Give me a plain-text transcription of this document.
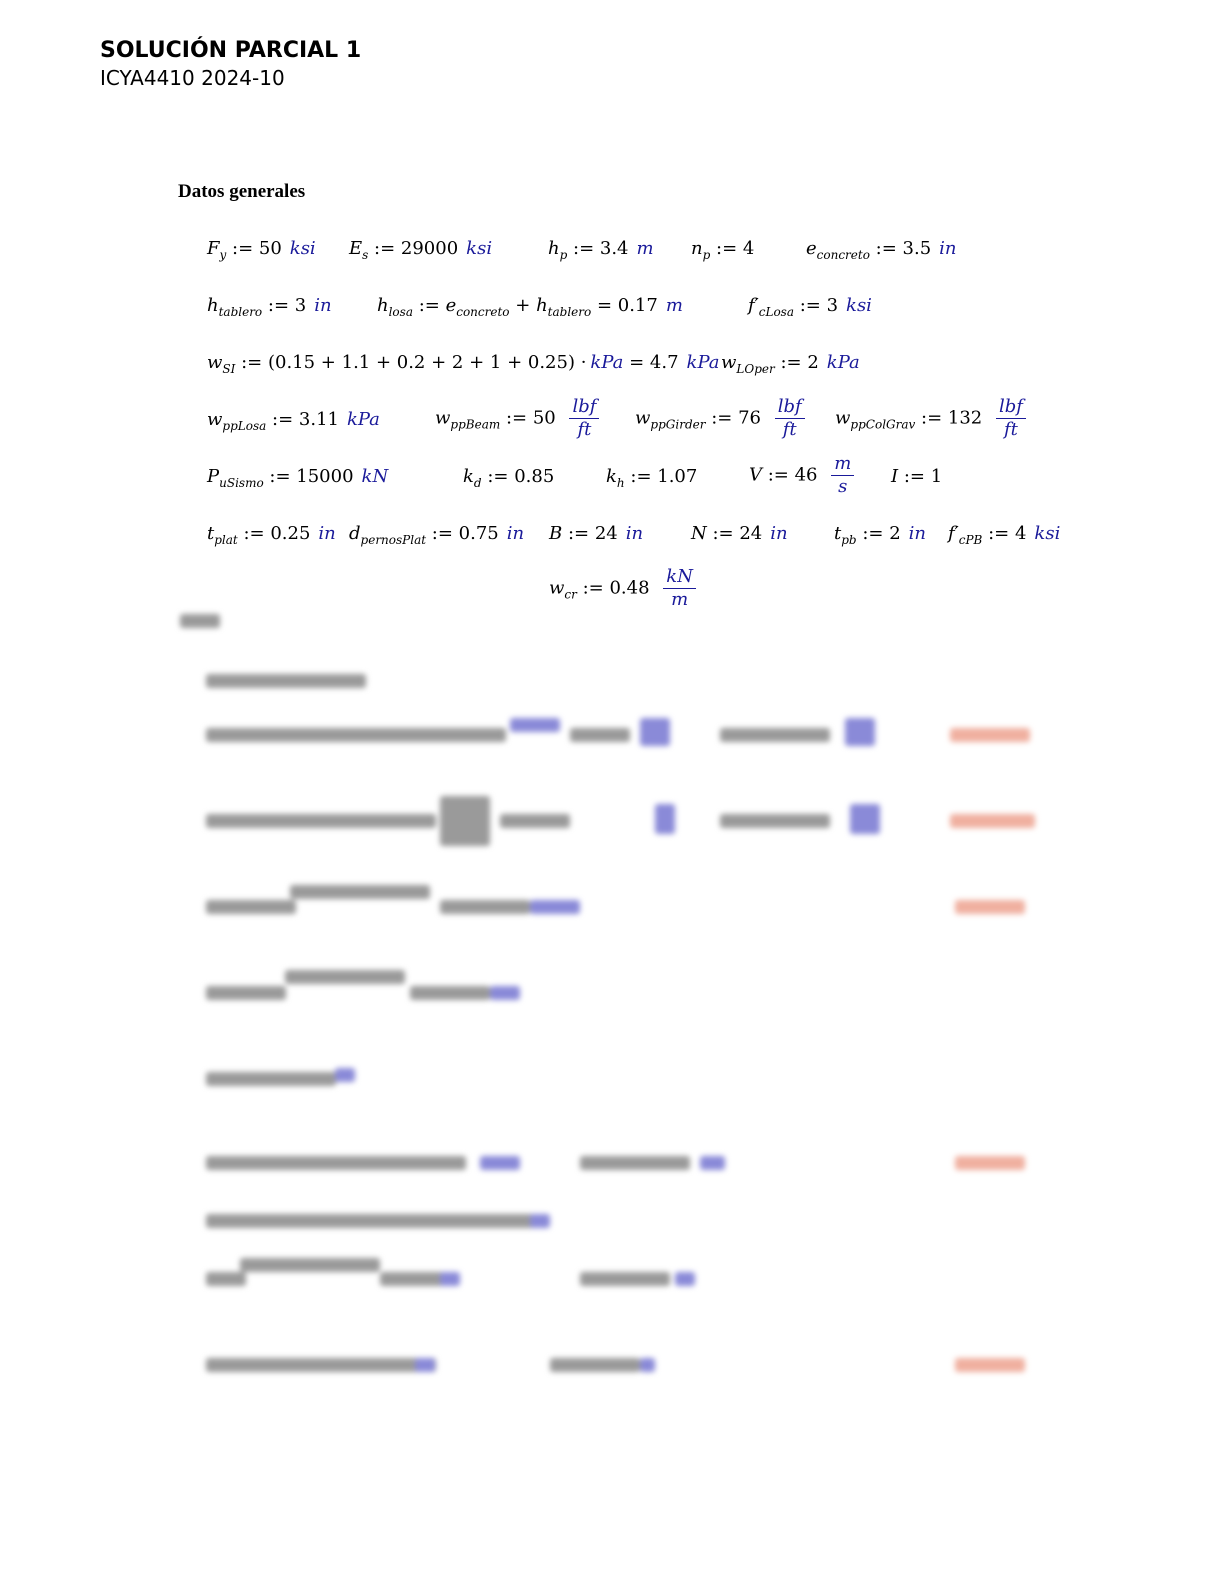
SOLUCIÓN PARCIAL 1
ICYA4410 2024-10
Datos generales
$F_y$ := 50 ksi $E_s$ := 29000 ksi	$h_p$ := 3.4 m $n_p$ := 4	$e_{concreto}$ := 3.5 in
$h_{tablero}$ := 3 in	$h_{losa}$ := $e_{concreto} + h_{tablero} = 0.17$ m	$f'_{cLosa}$ := 3 ksi
$w_{SI}$ := (0.15 + 1.1 + 0.2 + 2 + 1 + 0.25) · kPa = 4.7 kPa $w_{LOper}$ := 2 kPa
$w_{ppLosa}$ := 3.11 kPa	$w_{ppBeam}$ := $50 \frac{\text{lbf}}{ft} w_{ppGirder}$ := $76 \frac{\text{lbf}}{ft} w_{ppColGrav}$ := $132 \frac{\text{lbf}}{ft}$
$P_{uSismo}$ := 15000 kN	$k_d$ := 0.85	$k_h$ := 1.07	V := $46 \frac{m}{s}$ I := 1
$t_{plat}$ := 0.25 in $d_{pernosPlat}$ := 0.75 in B := 24 in	N := 24 in	$t_{pb}$ := 2 in $f'_{cPB}$ := 4 ksi
$w_{cr}$ := $0.48 \frac{kN}{m}$
